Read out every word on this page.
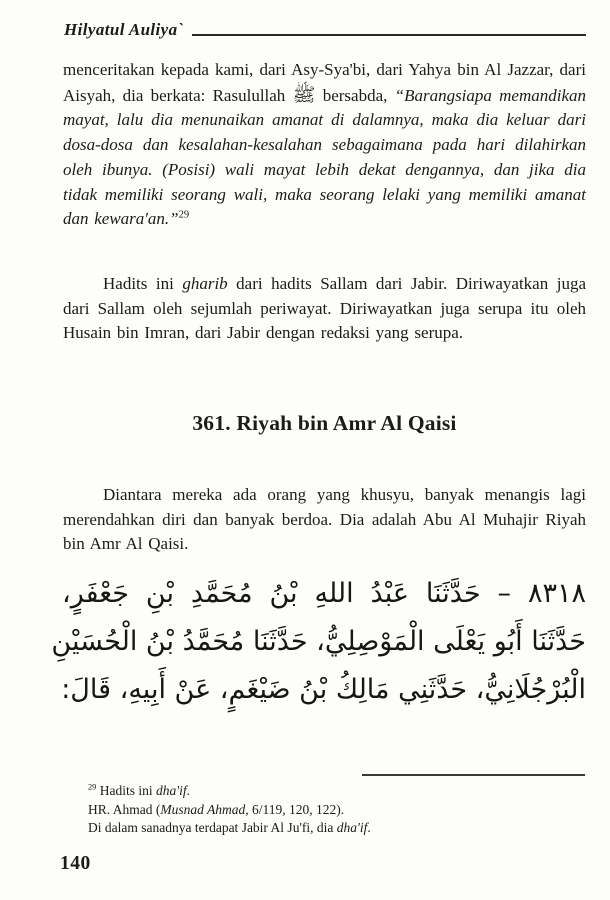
Hilyatul Auliya`

menceritakan kepada kami, dari Asy-Sya'bi, dari Yahya bin Al Jazzar, dari Aisyah, dia berkata: Rasulullah ﷺ bersabda, “Barangsiapa memandikan mayat, lalu dia menunaikan amanat di dalamnya, maka dia keluar dari dosa-dosa dan kesalahan-kesalahan sebagaimana pada hari dilahirkan oleh ibunya. (Posisi) wali mayat lebih dekat dengannya, dan jika dia tidak memiliki seorang wali, maka seorang lelaki yang memiliki amanat dan kewara'an.”$^{29}$

Hadits ini gharib dari hadits Sallam dari Jabir. Diriwayatkan juga dari Sallam oleh sejumlah periwayat. Diriwayatkan juga serupa itu oleh Husain bin Imran, dari Jabir dengan redaksi yang serupa.

361. Riyah bin Amr Al Qaisi

Diantara mereka ada orang yang khusyu, banyak menangis lagi merendahkan diri dan banyak berdoa. Dia adalah Abu Al Muhajir Riyah bin Amr Al Qaisi.

٨٣١٨ – حَدَّثَنَا عَبْدُ اللهِ بْنُ مُحَمَّدِ بْنِ جَعْفَرٍ،
حَدَّثَنَا أَبُو يَعْلَى الْمَوْصِلِيُّ، حَدَّثَنَا مُحَمَّدُ بْنُ الْحُسَيْنِ
الْبُرْجُلَانِيُّ، حَدَّثَنِي مَالِكُ بْنُ ضَيْغَمٍ، عَنْ أَبِيهِ، قَالَ:
$^{29}$ Hadits ini dha'if.
HR. Ahmad (Musnad Ahmad, 6/119, 120, 122).
Di dalam sanadnya terdapat Jabir Al Ju'fi, dia dha'if.
140
